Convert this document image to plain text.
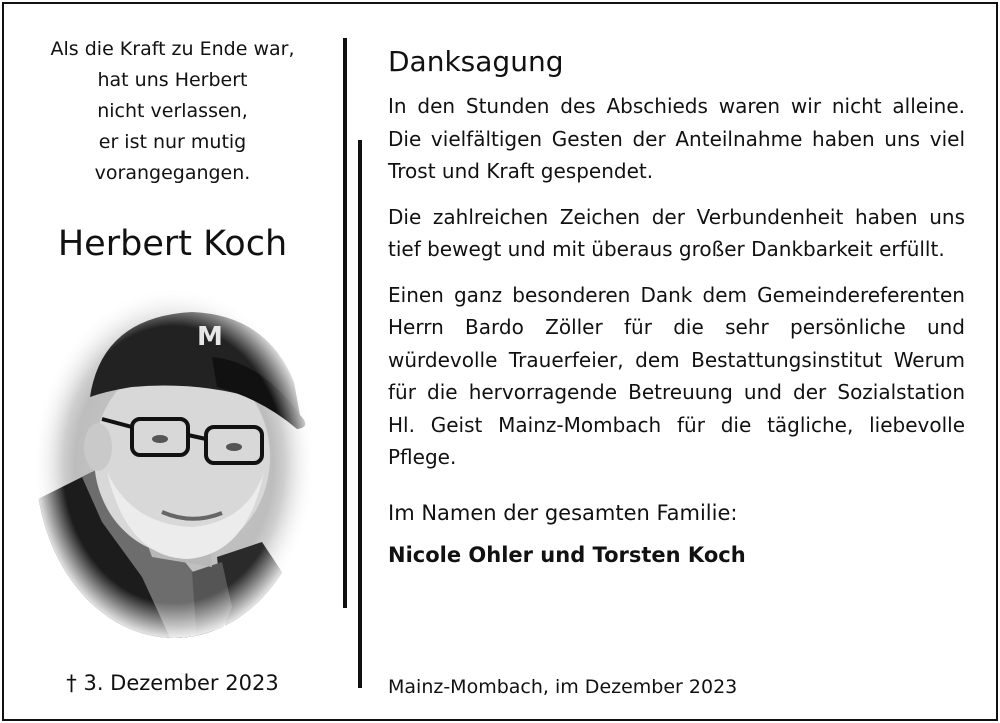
Als die Kraft zu Ende war,
hat uns Herbert
nicht verlassen,
er ist nur mutig
vorangegangen.
Herbert Koch
† 3. Dezember 2023
Danksagung

In den Stunden des Abschieds waren wir nicht alleine. Die vielfältigen Gesten der Anteilnahme haben uns viel Trost und Kraft gespendet.

Die zahlreichen Zeichen der Verbundenheit haben uns tief bewegt und mit überaus großer Dankbarkeit erfüllt.

Einen ganz besonderen Dank dem Gemeindereferenten Herrn Bardo Zöller für die sehr persönliche und würdevolle Trauerfeier, dem Bestattungsinstitut Werum für die hervorragende Betreuung und der Sozialstation Hl. Geist Mainz-Mombach für die tägliche, liebevolle Pflege.

Im Namen der gesamten Familie:

Nicole Ohler und Torsten Koch

Mainz-Mombach, im Dezember 2023
